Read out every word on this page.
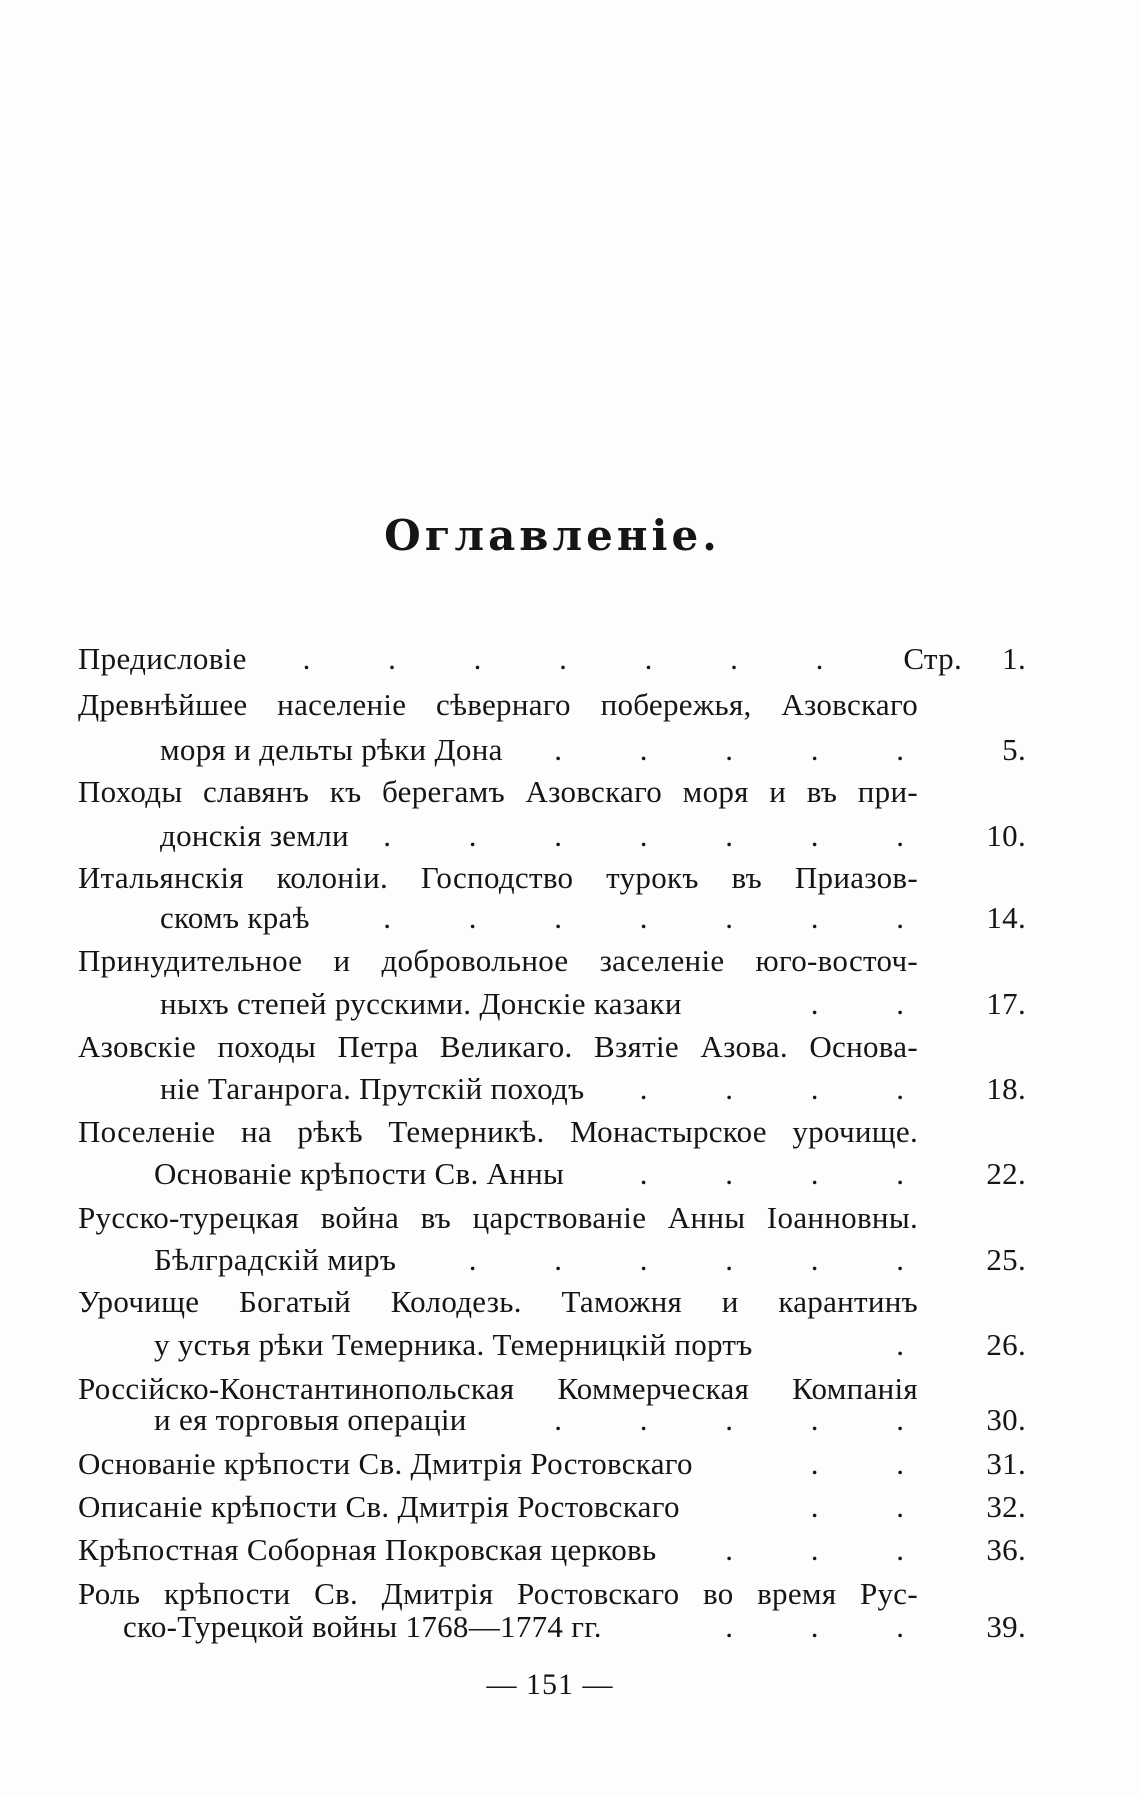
Оглавленіе.
Предисловіе	. . . . . . .	Стр.	1.
Древнѣйшее населеніе сѣвернаго побережья, Азовскаго
моря и дельты рѣки Дона	. . . . .	5.
Походы славянъ къ берегамъ Азовскаго моря и въ при-
донскія земли	. . . . . . .	10.
Итальянскія колоніи. Господство турокъ въ Приазов-
скомъ краѣ	. . . . . . .	14.
Принудительное и добровольное заселеніе юго-восточ-
ныхъ степей русскими. Донскіе казаки	. .	17.
Азовскіе походы Петра Великаго. Взятіе Азова. Основа-
ніе Таганрога. Прутскій походъ	. . . .	18.
Поселеніе на рѣкѣ Темерникѣ. Монастырское урочище.
Основаніе крѣпости Св. Анны	. . . .	22.
Русско-турецкая война въ царствованіе Анны Іоанновны.
Бѣлградскій миръ	. . . . . .	25.
Урочище Богатый Колодезь. Таможня и карантинъ
у устья рѣки Темерника. Темерницкій портъ	.	26.
Россійско-Константинопольская Коммерческая Компанія
и ея торговыя операціи	. . . . .	30.
Основаніе крѣпости Св. Дмитрія Ростовскаго	. .	31.
Описаніе крѣпости Св. Дмитрія Ростовскаго	. .	32.
Крѣпостная Соборная Покровская церковь	. . .	36.
Роль крѣпости Св. Дмитрія Ростовскаго во время Рус-
ско-Турецкой войны 1768—1774 гг.	. . .	39.
— 151 —
